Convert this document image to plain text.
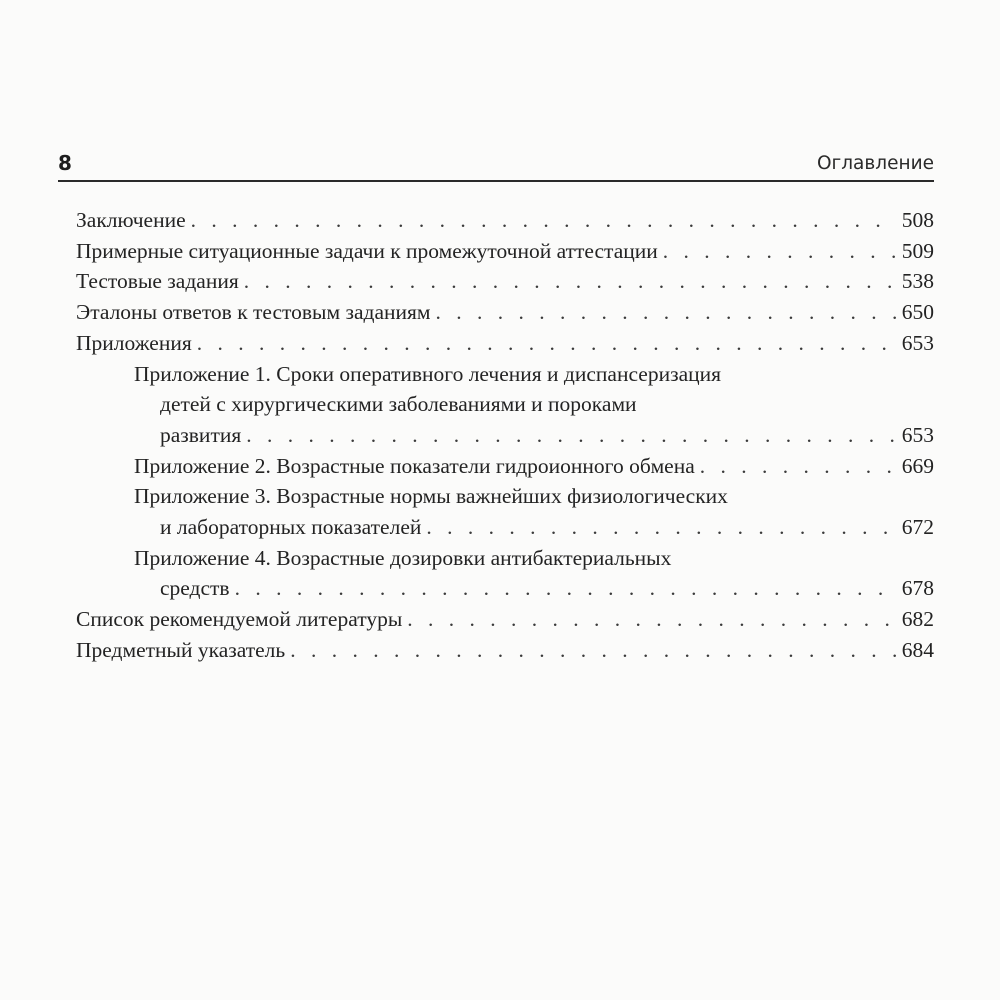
8	Оглавление
Заключение . . .	508
Примерные ситуационные задачи к промежуточной аттестации . . .	509
Тестовые задания . . .	538
Эталоны ответов к тестовым заданиям . . .	650
Приложения . . .	653
Приложение 1. Сроки оперативного лечения и диспансеризация
детей с хирургическими заболеваниями и пороками
развития . . .	653
Приложение 2. Возрастные показатели гидроионного обмена . . .	669
Приложение 3. Возрастные нормы важнейших физиологических
и лабораторных показателей . . .	672
Приложение 4. Возрастные дозировки антибактериальных
средств . . .	678
Список рекомендуемой литературы . . .	682
Предметный указатель . . .	684
